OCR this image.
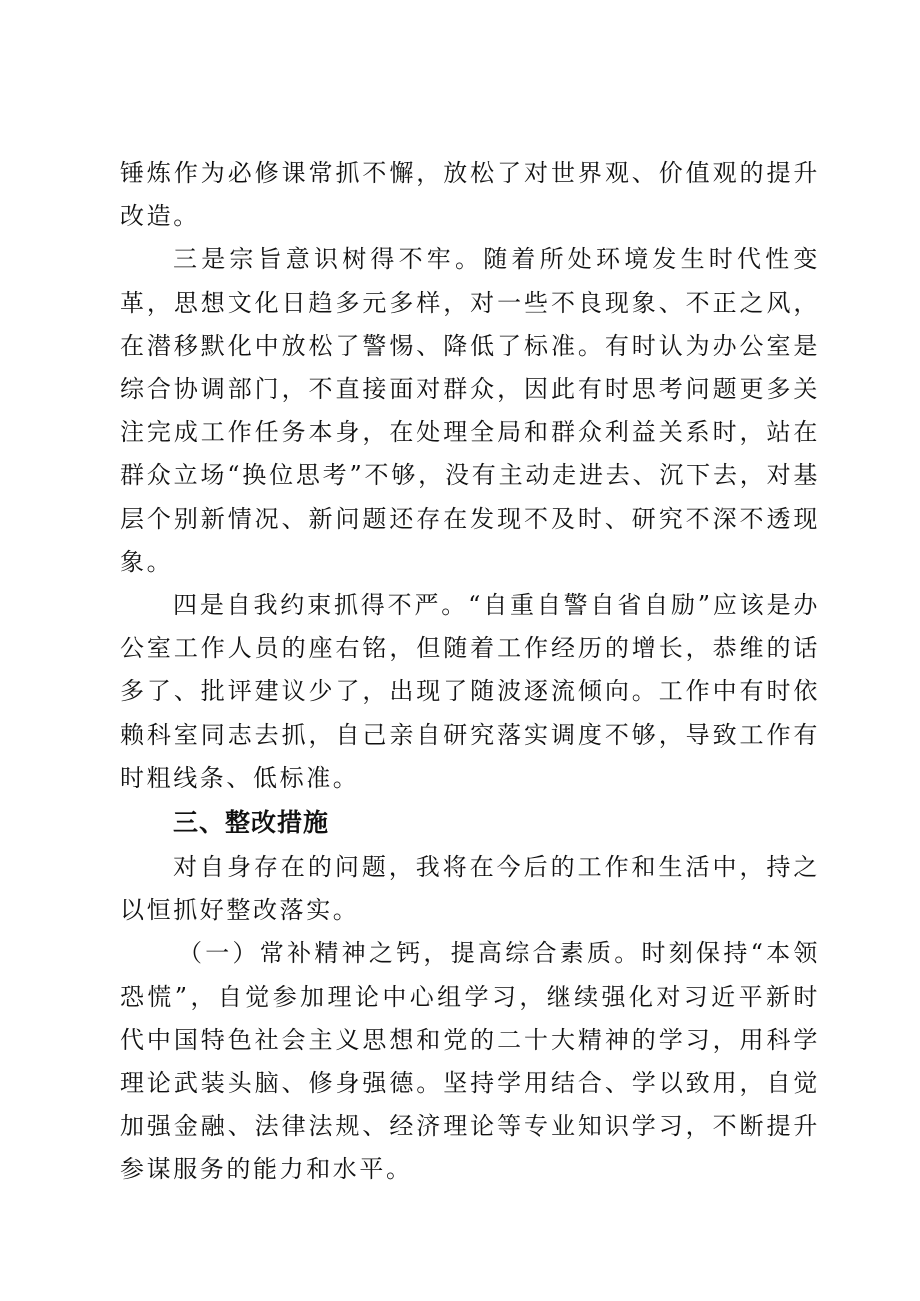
锤炼作为必修课常抓不懈，放松了对世界观、价值观的提升改造。

三是宗旨意识树得不牢。随着所处环境发生时代性变革，思想文化日趋多元多样，对一些不良现象、不正之风，在潜移默化中放松了警惕、降低了标准。有时认为办公室是综合协调部门，不直接面对群众，因此有时思考问题更多关注完成工作任务本身，在处理全局和群众利益关系时，站在群众立场“换位思考”不够，没有主动走进去、沉下去，对基层个别新情况、新问题还存在发现不及时、研究不深不透现象。

四是自我约束抓得不严。“自重自警自省自励”应该是办公室工作人员的座右铭，但随着工作经历的增长，恭维的话多了、批评建议少了，出现了随波逐流倾向。工作中有时依赖科室同志去抓，自己亲自研究落实调度不够，导致工作有时粗线条、低标准。

三、整改措施

对自身存在的问题，我将在今后的工作和生活中，持之以恒抓好整改落实。

（一）常补精神之钙，提高综合素质。时刻保持“本领恐慌”，自觉参加理论中心组学习，继续强化对习近平新时代中国特色社会主义思想和党的二十大精神的学习，用科学理论武装头脑、修身强德。坚持学用结合、学以致用，自觉加强金融、法律法规、经济理论等专业知识学习，不断提升参谋服务的能力和水平。
